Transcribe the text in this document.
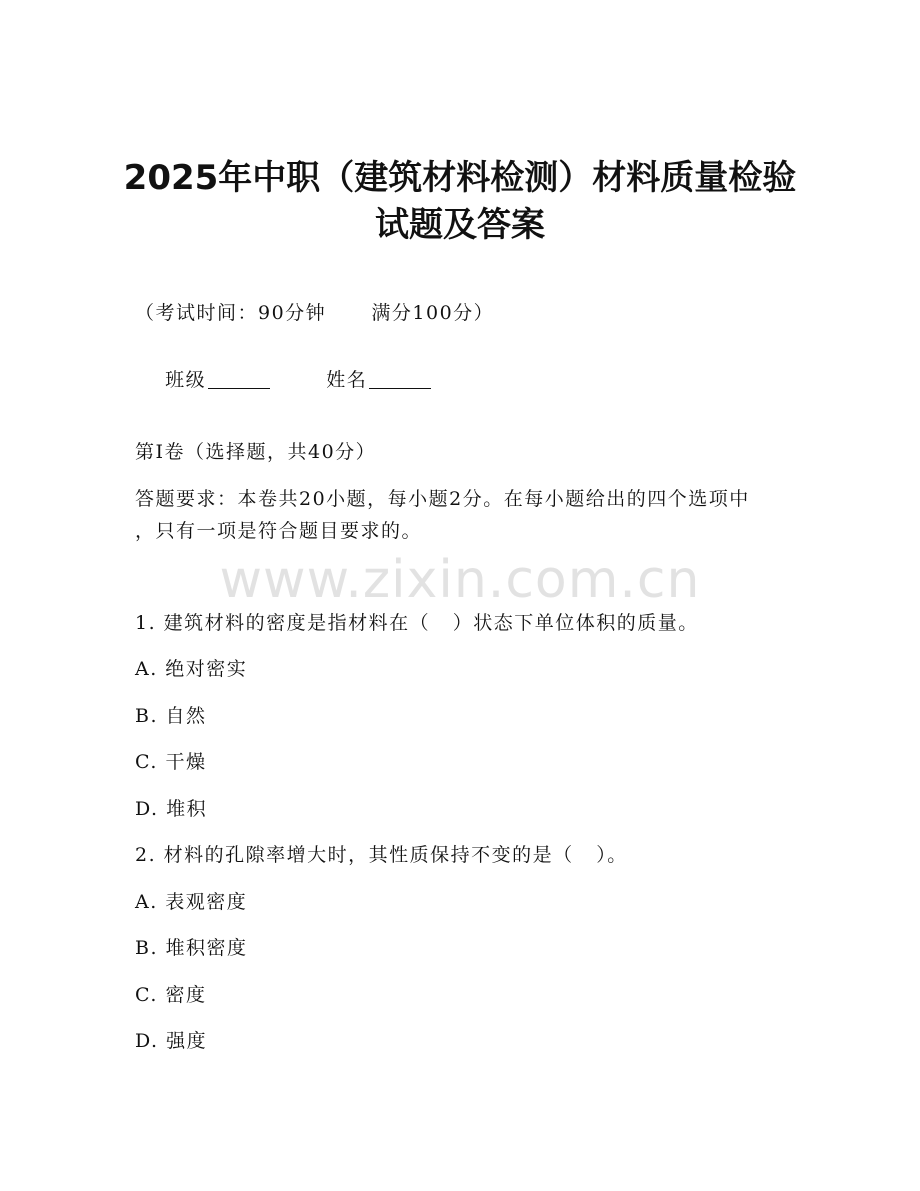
2025年中职（建筑材料检测）材料质量检验
试题及答案
（考试时间：90分钟      满分100分）

班级	姓名

第Ⅰ卷（选择题，共40分）
答题要求：本卷共20小题，每小题2分。在每小题给出的四个选项中
，只有一项是符合题目要求的。
www.zixin.com.cn
1. 建筑材料的密度是指材料在（   ）状态下单位体积的质量。
A. 绝对密实
B. 自然
C. 干燥
D. 堆积
2. 材料的孔隙率增大时，其性质保持不变的是（   ）。
A. 表观密度
B. 堆积密度
C. 密度
D. 强度
